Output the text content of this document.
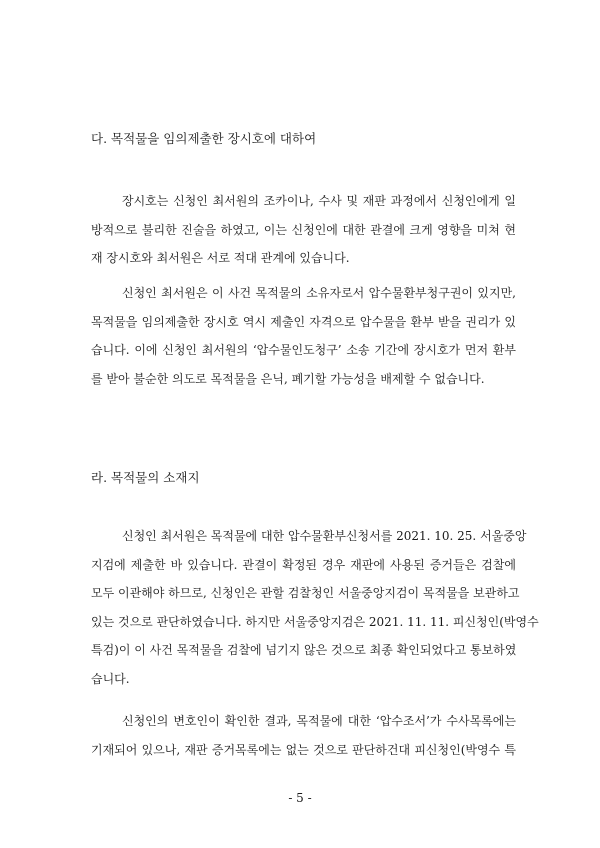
다. 목적물을 임의제출한 장시호에 대하여
장시호는 신청인 최서원의 조카이나, 수사 및 재판 과정에서 신청인에게 일
방적으로 불리한 진술을 하였고, 이는 신청인에 대한 관결에 크게 영향을 미쳐 현
재 장시호와 최서원은 서로 적대 관계에 있습니다.
신청인 최서원은 이 사건 목적물의 소유자로서 압수물환부청구권이 있지만,
목적물을 임의제출한 장시호 역시 제출인 자격으로 압수물을 환부 받을 권리가 있
습니다. 이에 신청인 최서원의 ‘압수물인도청구’ 소송 기간에 장시호가 먼저 환부
를 받아 불순한 의도로 목적물을 은닉, 폐기할 가능성을 배제할 수 없습니다.
라. 목적물의 소재지
신청인 최서원은 목적물에 대한 압수물환부신청서를 2021. 10. 25. 서울중앙
지검에 제출한 바 있습니다. 관결이 확정된 경우 재판에 사용된 증거들은 검찰에
모두 이관해야 하므로, 신청인은 관할 검찰청인 서울중앙지검이 목적물을 보관하고
있는 것으로 판단하였습니다. 하지만 서울중앙지검은 2021. 11. 11. 피신청인(박영수
특검)이 이 사건 목적물을 검찰에 넘기지 않은 것으로 최종 확인되었다고 통보하였
습니다.
신청인의 변호인이 확인한 결과, 목적물에 대한 ‘압수조서’가 수사목록에는
기재되어 있으나, 재판 증거목록에는 없는 것으로 판단하건대 피신청인(박영수 특
- 5 -
